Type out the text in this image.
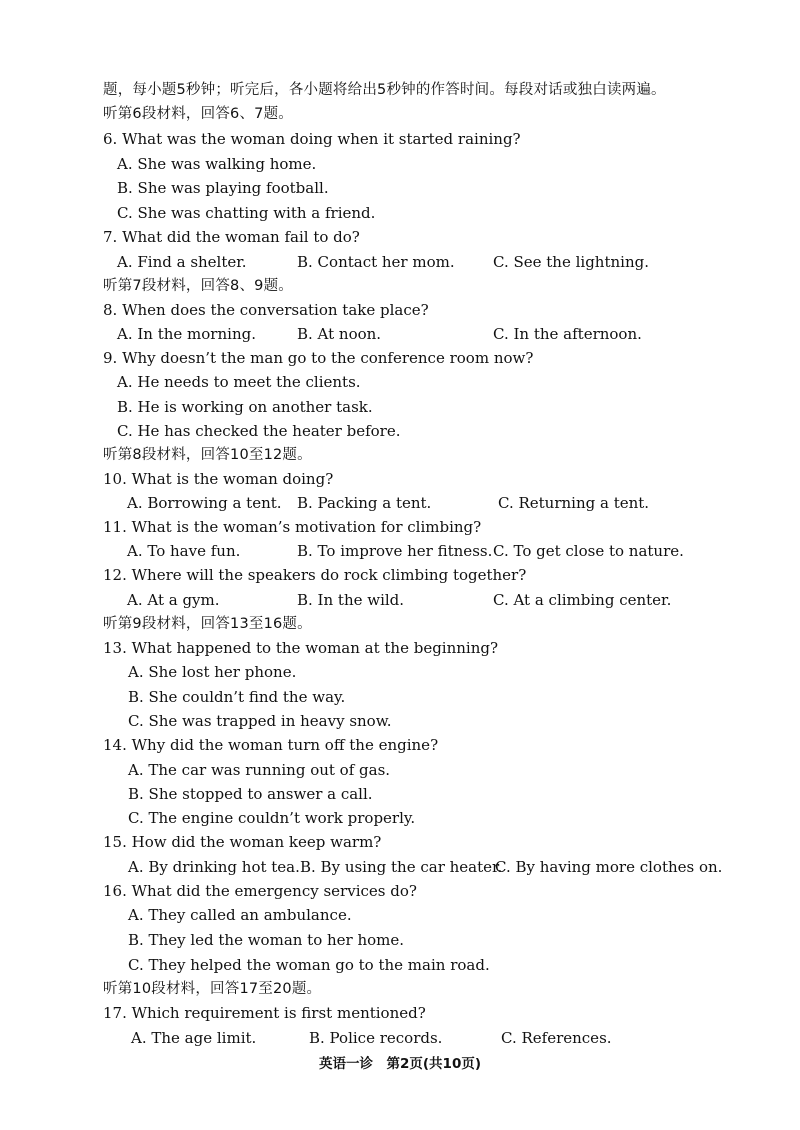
题，每小题5秒钟；听完后，各小题将给出5秒钟的作答时间。每段对话或独白读两遍。
听第6段材料，回答6、7题。
6. What was the woman doing when it started raining?
A. She was walking home.
B. She was playing football.
C. She was chatting with a friend.
7. What did the woman fail to do?
A. Find a shelter.	B. Contact her mom.	C. See the lightning.
听第7段材料，回答8、9题。
8. When does the conversation take place?
A. In the morning.	B. At noon.	C. In the afternoon.
9. Why doesn’t the man go to the conference room now?
A. He needs to meet the clients.
B. He is working on another task.
C. He has checked the heater before.
听第8段材料，回答10至12题。
10. What is the woman doing?
A. Borrowing a tent. B. Packing a tent.	C. Returning a tent.
11. What is the woman’s motivation for climbing?
A. To have fun.	B. To improve her fitness. C. To get close to nature.
12. Where will the speakers do rock climbing together?
A. At a gym.	B. In the wild.	C. At a climbing center.
听第9段材料，回答13至16题。
13. What happened to the woman at the beginning?
A. She lost her phone.
B. She couldn’t find the way.
C. She was trapped in heavy snow.
14. Why did the woman turn off the engine?
A. The car was running out of gas.
B. She stopped to answer a call.
C. The engine couldn’t work properly.
15. How did the woman keep warm?
A. By drinking hot tea. B. By using the car heater.
C. By having more clothes on.
16. What did the emergency services do?
A. They called an ambulance.
B. They led the woman to her home.
C. They helped the woman go to the main road.
听第10段材料，回答17至20题。
17. Which requirement is first mentioned?
A. The age limit.	B. Police records.	C. References.
英语一诊　第2页(共10页)
